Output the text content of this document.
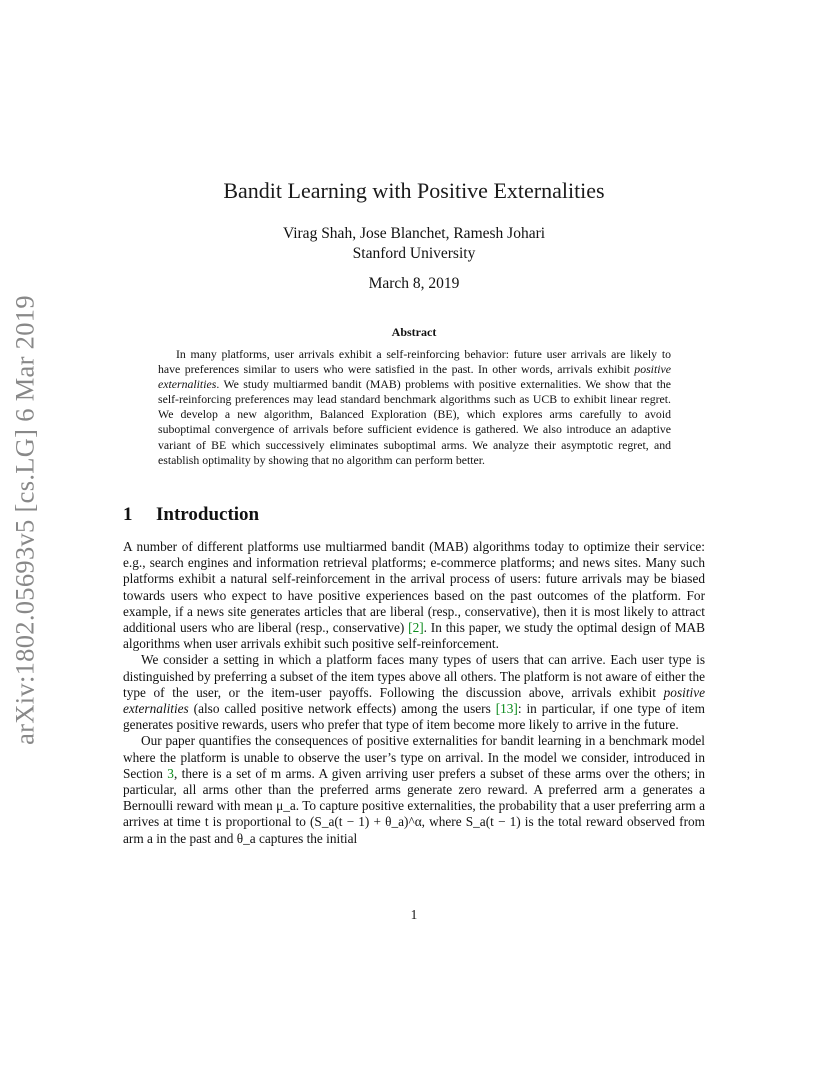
arXiv:1802.05693v5 [cs.LG] 6 Mar 2019
Bandit Learning with Positive Externalities
Virag Shah, Jose Blanchet, Ramesh Johari
Stanford University
March 8, 2019
Abstract
In many platforms, user arrivals exhibit a self-reinforcing behavior: future user arrivals are likely to have preferences similar to users who were satisfied in the past. In other words, arrivals exhibit positive externalities. We study multiarmed bandit (MAB) problems with positive externalities. We show that the self-reinforcing preferences may lead standard benchmark algorithms such as UCB to exhibit linear regret. We develop a new algorithm, Balanced Exploration (BE), which explores arms carefully to avoid suboptimal convergence of arrivals before sufficient evidence is gathered. We also introduce an adaptive variant of BE which successively eliminates suboptimal arms. We analyze their asymptotic regret, and establish optimality by showing that no algorithm can perform better.
1 Introduction

A number of different platforms use multiarmed bandit (MAB) algorithms today to optimize their service: e.g., search engines and information retrieval platforms; e-commerce platforms; and news sites. Many such platforms exhibit a natural self-reinforcement in the arrival process of users: future arrivals may be biased towards users who expect to have positive experiences based on the past outcomes of the platform. For example, if a news site generates articles that are liberal (resp., conservative), then it is most likely to attract additional users who are liberal (resp., conservative) [2]. In this paper, we study the optimal design of MAB algorithms when user arrivals exhibit such positive self-reinforcement.

We consider a setting in which a platform faces many types of users that can arrive. Each user type is distinguished by preferring a subset of the item types above all others. The platform is not aware of either the type of the user, or the item-user payoffs. Following the discussion above, arrivals exhibit positive externalities (also called positive network effects) among the users [13]: in particular, if one type of item generates positive rewards, users who prefer that type of item become more likely to arrive in the future.

Our paper quantifies the consequences of positive externalities for bandit learning in a benchmark model where the platform is unable to observe the user’s type on arrival. In the model we consider, introduced in Section 3, there is a set of m arms. A given arriving user prefers a subset of these arms over the others; in particular, all arms other than the preferred arms generate zero reward. A preferred arm a generates a Bernoulli reward with mean μ_a. To capture positive externalities, the probability that a user preferring arm a arrives at time t is proportional to (S_a(t − 1) + θ_a)^α, where S_a(t − 1) is the total reward observed from arm a in the past and θ_a captures the initial

1
